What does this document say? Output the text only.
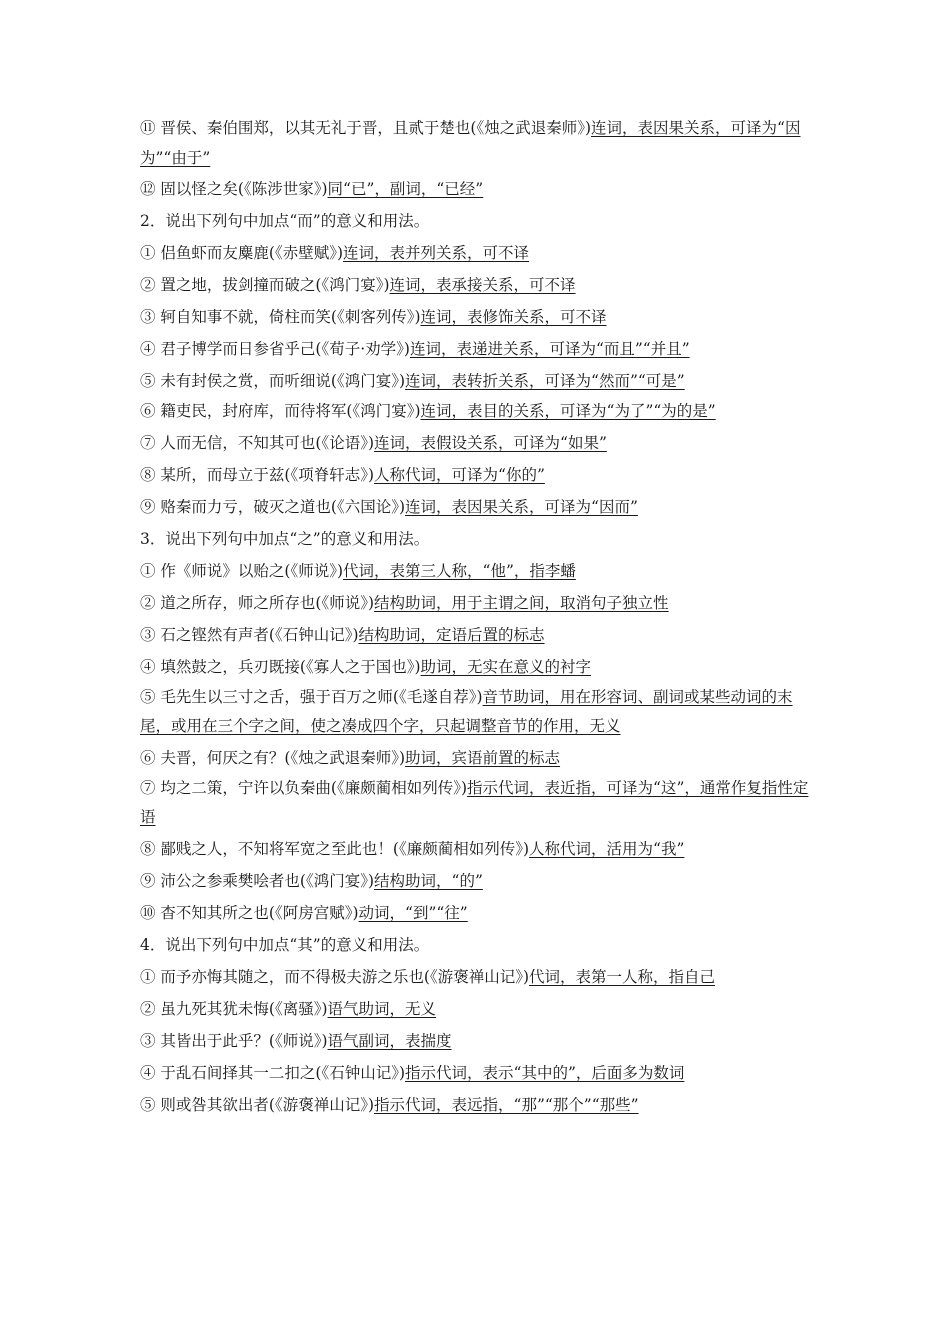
⑪ 晋侯、秦伯围郑，以其无礼于晋，且贰于楚也(《烛之武退秦师》)连词，表因果关系，可译为“因为”“由于”
⑫ 固以怪之矣(《陈涉世家》)同“已”，副词，“已经”
2．说出下列句中加点“而”的意义和用法。
① 侣鱼虾而友麋鹿(《赤壁赋》)连词，表并列关系，可不译
② 置之地，拔剑撞而破之(《鸿门宴》)连词，表承接关系，可不译
③ 轲自知事不就，倚柱而笑(《刺客列传》)连词，表修饰关系，可不译
④ 君子博学而日参省乎己(《荀子·劝学》)连词，表递进关系，可译为“而且”“并且”
⑤ 未有封侯之赏，而听细说(《鸿门宴》)连词，表转折关系，可译为“然而”“可是”
⑥ 籍吏民，封府库，而待将军(《鸿门宴》)连词，表目的关系，可译为“为了”“为的是”
⑦ 人而无信，不知其可也(《论语》)连词，表假设关系，可译为“如果”
⑧ 某所，而母立于兹(《项脊轩志》)人称代词，可译为“你的”
⑨ 赂秦而力亏，破灭之道也(《六国论》)连词，表因果关系，可译为“因而”
3．说出下列句中加点“之”的意义和用法。
① 作《师说》以贻之(《师说》)代词，表第三人称，“他”，指李蟠
② 道之所存，师之所存也(《师说》)结构助词，用于主谓之间，取消句子独立性
③ 石之铿然有声者(《石钟山记》)结构助词，定语后置的标志
④ 填然鼓之，兵刃既接(《寡人之于国也》)助词，无实在意义的衬字
⑤ 毛先生以三寸之舌，强于百万之师(《毛遂自荐》)音节助词，用在形容词、副词或某些动词的末尾，或用在三个字之间，使之凑成四个字，只起调整音节的作用，无义
⑥ 夫晋，何厌之有？(《烛之武退秦师》)助词，宾语前置的标志
⑦ 均之二策，宁许以负秦曲(《廉颇蔺相如列传》)指示代词，表近指，可译为“这”，通常作复指性定语
⑧ 鄙贱之人，不知将军宽之至此也！(《廉颇蔺相如列传》)人称代词，活用为“我”
⑨ 沛公之参乘樊哙者也(《鸿门宴》)结构助词，“的”
⑩ 杳不知其所之也(《阿房宫赋》)动词，“到”“往”
4．说出下列句中加点“其”的意义和用法。
① 而予亦悔其随之，而不得极夫游之乐也(《游褒禅山记》)代词，表第一人称，指自己
② 虽九死其犹未悔(《离骚》)语气助词，无义
③ 其皆出于此乎？(《师说》)语气副词，表揣度
④ 于乱石间择其一二扣之(《石钟山记》)指示代词，表示“其中的”，后面多为数词
⑤ 则或咎其欲出者(《游褒禅山记》)指示代词，表远指，“那”“那个”“那些”
